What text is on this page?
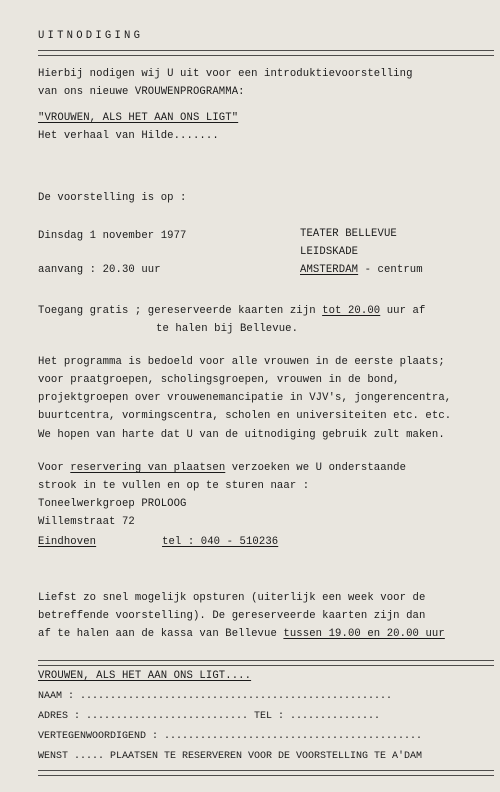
UITNODIGING
Hierbij nodigen wij U uit voor een introduktievoorstelling
van ons nieuwe VROUWENPROGRAMMA:
"VROUWEN, ALS HET AAN ONS LIGT"
Het verhaal van Hilde.......
De voorstelling is op :
Dinsdag 1 november 1977
aanvang : 20.30 uur
TEATER BELLEVUE
LEIDSKADE
AMSTERDAM - centrum
Toegang gratis ; gereserveerde kaarten zijn tot 20.00 uur af
te halen bij Bellevue.
Het programma is bedoeld voor alle vrouwen in de eerste plaats;
voor praatgroepen, scholingsgroepen, vrouwen in de bond,
projektgroepen over vrouwenemancipatie in VJV's, jongerencentra,
buurtcentra, vormingscentra, scholen en universiteiten etc. etc.
We hopen van harte dat U van de uitnodiging gebruik zult maken.
Voor reservering van plaatsen verzoeken we U onderstaande
strook in te vullen en op te sturen naar :
Toneelwerkgroep PROLOOG
Willemstraat 72
Eindhoven	tel : 040 - 510236
Liefst zo snel mogelijk opsturen (uiterlijk een week voor de
betreffende voorstelling). De gereserveerde kaarten zijn dan
af te halen aan de kassa van Bellevue tussen 19.00 en 20.00 uur
VROUWEN, ALS HET AAN ONS LIGT....
NAAM : ....................................................
ADRES : ........................... TEL : ...............
VERTEGENWOORDIGEND : ...........................................
WENST ..... PLAATSEN TE RESERVEREN VOOR DE VOORSTELLING TE A'DAM
